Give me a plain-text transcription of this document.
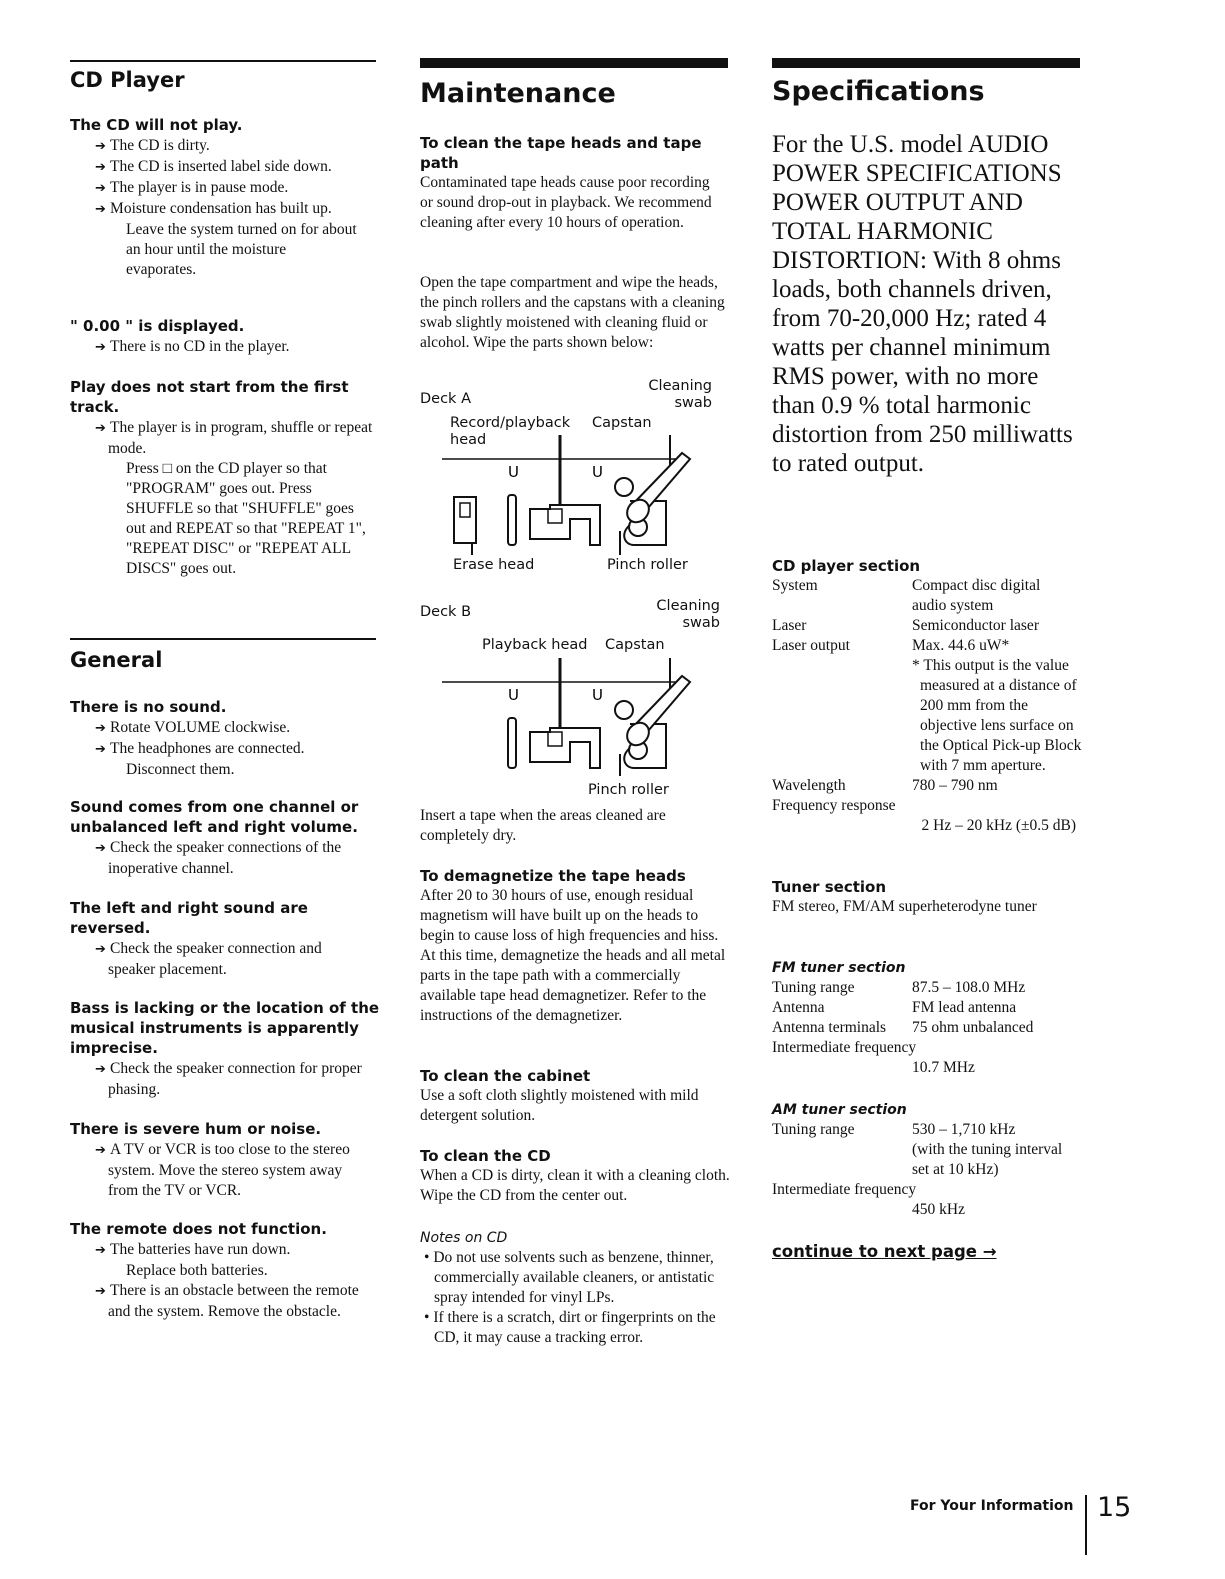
CD Player

The CD will not play.

➔ The CD is dirty.

➔ The CD is inserted label side down.

➔ The player is in pause mode.

➔ Moisture condensation has built up.

Leave the system turned on for about an hour until the moisture evaporates.

" 0.00 " is displayed.

➔ There is no CD in the player.

Play does not start from the first track.

➔ The player is in program, shuffle or repeat mode.

Press □ on the CD player so that "PROGRAM" goes out. Press SHUFFLE so that "SHUFFLE" goes out and REPEAT so that "REPEAT 1", "REPEAT DISC" or "REPEAT ALL DISCS" goes out.

General

There is no sound.

➔ Rotate VOLUME clockwise.

➔ The headphones are connected.

Disconnect them.

Sound comes from one channel or unbalanced left and right volume.

➔ Check the speaker connections of the inoperative channel.

The left and right sound are reversed.

➔ Check the speaker connection and speaker placement.

Bass is lacking or the location of the musical instruments is apparently imprecise.

➔ Check the speaker connection for proper phasing.

There is severe hum or noise.

➔ A TV or VCR is too close to the stereo system. Move the stereo system away from the TV or VCR.

The remote does not function.

➔ The batteries have run down.

Replace both batteries.

➔ There is an obstacle between the remote and the system. Remove the obstacle.

Maintenance

To clean the tape heads and tape path

Contaminated tape heads cause poor recording or sound drop-out in playback. We recommend cleaning after every 10 hours of operation.

Open the tape compartment and wipe the heads, the pinch rollers and the capstans with a cleaning swab slightly moistened with cleaning fluid or alcohol. Wipe the parts shown below:

Deck A
Cleaning swab
Record/playback head
Capstan
U	U
Erase head	Pinch roller
Deck B	Cleaning swab
Playback head Capstan
U	U
Pinch roller

Insert a tape when the areas cleaned are completely dry.

To demagnetize the tape heads

After 20 to 30 hours of use, enough residual magnetism will have built up on the heads to begin to cause loss of high frequencies and hiss. At this time, demagnetize the heads and all metal parts in the tape path with a commercially available tape head demagnetizer. Refer to the instructions of the demagnetizer.

To clean the cabinet

Use a soft cloth slightly moistened with mild detergent solution.

To clean the CD

When a CD is dirty, clean it with a cleaning cloth. Wipe the CD from the center out.

Notes on CD

• Do not use solvents such as benzene, thinner, commercially available cleaners, or antistatic spray intended for vinyl LPs.

• If there is a scratch, dirt or fingerprints on the CD, it may cause a tracking error.

Specifications

For the U.S. model AUDIO POWER SPECIFICATIONS POWER OUTPUT AND TOTAL HARMONIC DISTORTION: With 8 ohms loads, both channels driven, from 70-20,000 Hz; rated 4 watts per channel minimum RMS power, with no more than 0.9 % total harmonic distortion from 250 milliwatts to rated output.

CD player section

System	Compact disc digital audio system

Laser	Semiconductor laser
Laser output	Max. 44.6 uW*

* This output is the value measured at a distance of 200 mm from the objective lens surface on the Optical Pick-up Block with 7 mm aperture.

Wavelength	780 – 790 nm
Frequency response

2 Hz – 20 kHz (±0.5 dB)

Tuner section

FM stereo, FM/AM superheterodyne tuner

FM tuner section

Tuning range	87.5 – 108.0 MHz
Antenna	FM lead antenna
Antenna terminals 75 ohm unbalanced
Intermediate frequency
10.7 MHz

AM tuner section

Tuning range	530 – 1,710 kHz

(with the tuning interval set at 10 kHz)

Intermediate frequency
450 kHz
continue to next page →
For Your Information 15
